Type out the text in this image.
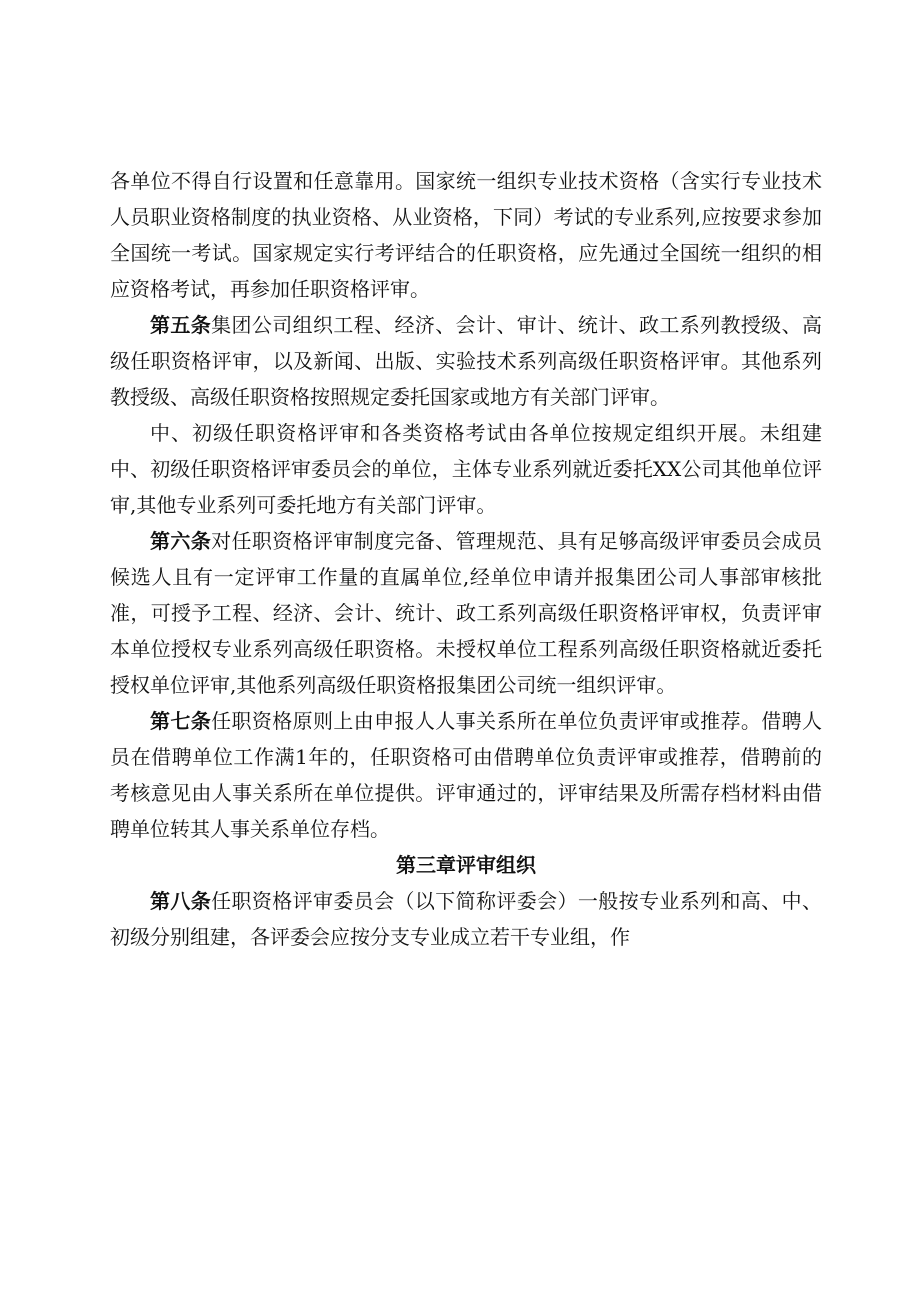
各单位不得自行设置和任意靠用。国家统一组织专业技术资格（含实行专业技术人员职业资格制度的执业资格、从业资格，下同）考试的专业系列,应按要求参加全国统一考试。国家规定实行考评结合的任职资格，应先通过全国统一组织的相应资格考试，再参加任职资格评审。

第五条集团公司组织工程、经济、会计、审计、统计、政工系列教授级、高级任职资格评审，以及新闻、出版、实验技术系列高级任职资格评审。其他系列教授级、高级任职资格按照规定委托国家或地方有关部门评审。

中、初级任职资格评审和各类资格考试由各单位按规定组织开展。未组建中、初级任职资格评审委员会的单位，主体专业系列就近委托XX公司其他单位评审,其他专业系列可委托地方有关部门评审。

第六条对任职资格评审制度完备、管理规范、具有足够高级评审委员会成员候选人且有一定评审工作量的直属单位,经单位申请并报集团公司人事部审核批准，可授予工程、经济、会计、统计、政工系列高级任职资格评审权，负责评审本单位授权专业系列高级任职资格。未授权单位工程系列高级任职资格就近委托授权单位评审,其他系列高级任职资格报集团公司统一组织评审。

第七条任职资格原则上由申报人人事关系所在单位负责评审或推荐。借聘人员在借聘单位工作满1年的，任职资格可由借聘单位负责评审或推荐，借聘前的考核意见由人事关系所在单位提供。评审通过的，评审结果及所需存档材料由借聘单位转其人事关系单位存档。

第三章评审组织

第八条任职资格评审委员会（以下简称评委会）一般按专业系列和高、中、初级分别组建，各评委会应按分支专业成立若干专业组，作
